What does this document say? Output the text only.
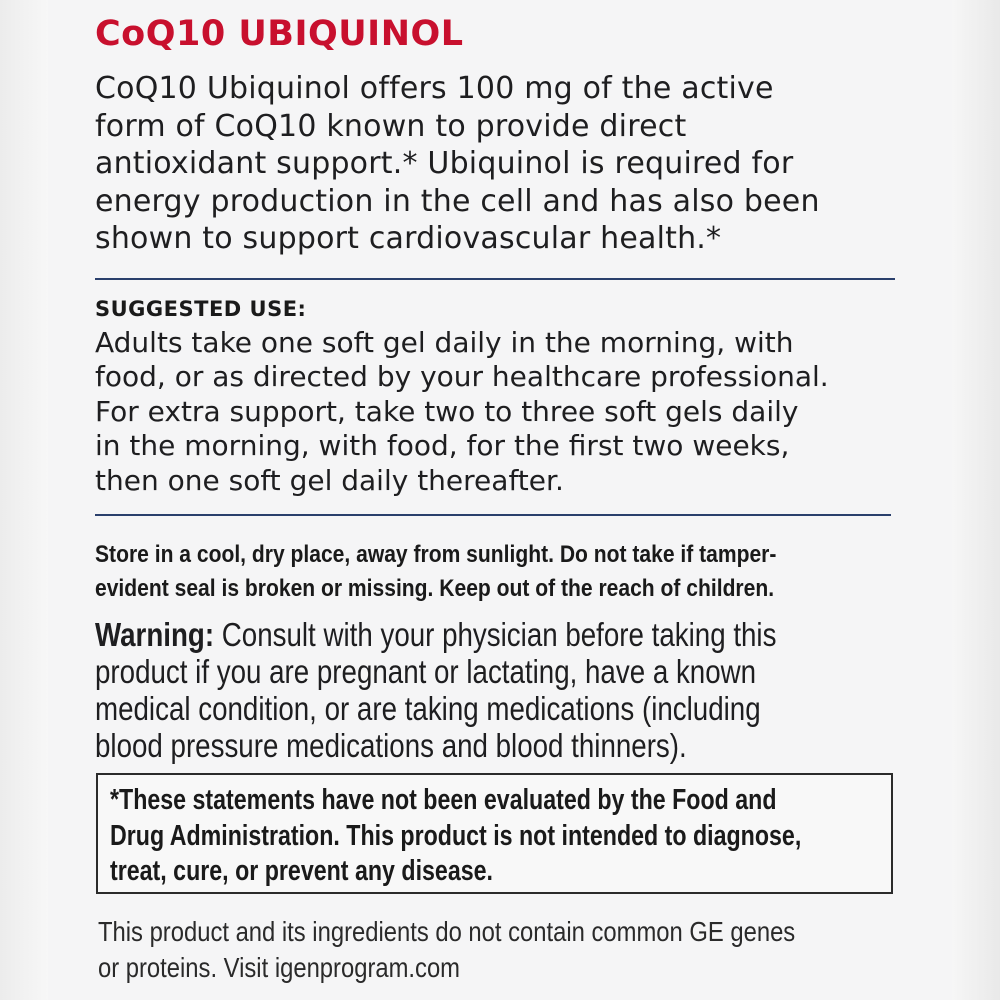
CoQ10 UBIQUINOL

CoQ10 Ubiquinol offers 100 mg of the active
form of CoQ10 known to provide direct
antioxidant support.* Ubiquinol is required for
energy production in the cell and has also been
shown to support cardiovascular health.*

SUGGESTED USE:

Adults take one soft gel daily in the morning, with
food, or as directed by your healthcare professional.
For extra support, take two to three soft gels daily
in the morning, with food, for the first two weeks,
then one soft gel daily thereafter.

Store in a cool, dry place, away from sunlight. Do not take if tamper-
evident seal is broken or missing. Keep out of the reach of children.

Warning: Consult with your physician before taking this
product if you are pregnant or lactating, have a known
medical condition, or are taking medications (including
blood pressure medications and blood thinners).

*These statements have not been evaluated by the Food and
Drug Administration. This product is not intended to diagnose,
treat, cure, or prevent any disease.
This product and its ingredients do not contain common GE genes
or proteins. Visit igenprogram.com
